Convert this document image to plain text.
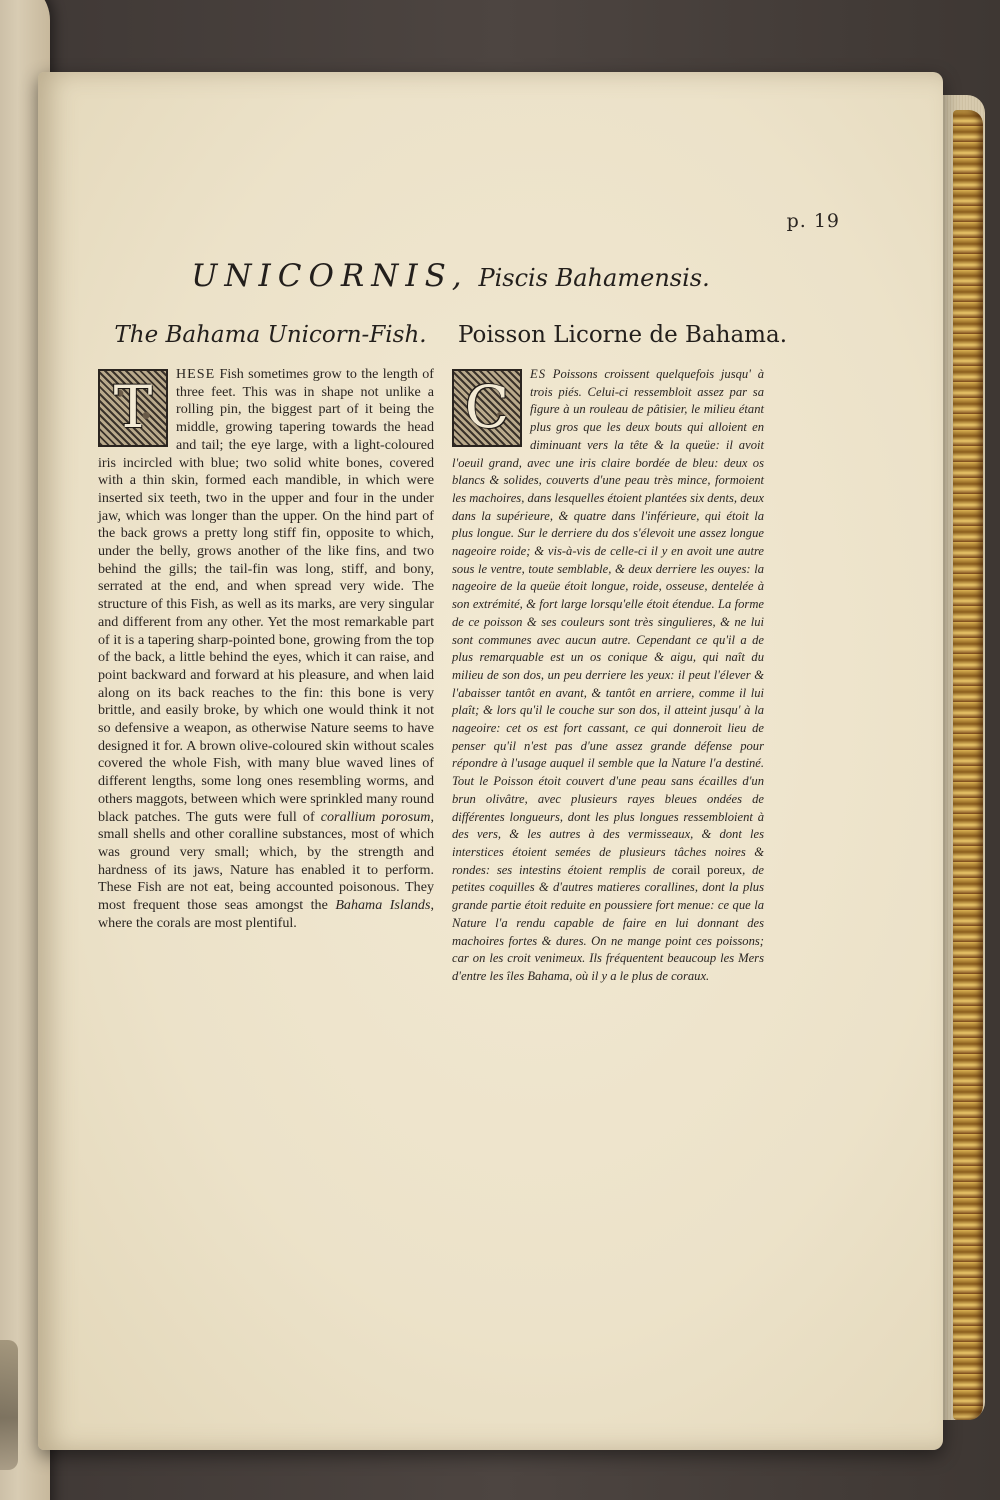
p. 19
UNICORNIS, Piscis Bahamensis.
The Bahama Unicorn-Fish.	Poisson Licorne de Bahama.
T	HESE Fish sometimes grow to the length of three feet. This was in shape not unlike a rolling pin, the biggest part of it being the middle, growing tapering towards the head and tail; the eye large, with a light-coloured iris incircled with blue; two solid white bones, covered with a thin skin, formed each mandible, in which were inserted six teeth, two in the upper and four in the under jaw, which was longer than the upper. On the hind part of the back grows a pretty long stiff fin, opposite to which, under the belly, grows another of the like fins, and two behind the gills; the tail-fin was long, stiff, and bony, serrated at the end, and when spread very wide. The structure of this Fish, as well as its marks, are very singular and different from any other. Yet the most remarkable part of it is a tapering sharp-pointed bone, growing from the top of the back, a little behind the eyes, which it can raise, and point backward and forward at his pleasure, and when laid along on its back reaches to the fin: this bone is very brittle, and easily broke, by which one would think it not so defensive a weapon, as otherwise Nature seems to have designed it for. A brown olive-coloured skin without scales covered the whole Fish, with many blue waved lines of different lengths, some long ones resembling worms, and others maggots, between which were sprinkled many round black patches. The guts were full of corallium porosum, small shells and other coralline substances, most of which was ground very small; which, by the strength and hardness of its jaws, Nature has enabled it to perform. These Fish are not eat, being accounted poisonous. They most frequent those seas amongst the Bahama Islands, where the corals are most plentiful.
C	ES Poissons croissent quelquefois jusqu' à trois piés. Celui-ci ressembloit assez par sa figure à un rouleau de pâtisier, le milieu étant plus gros que les deux bouts qui alloient en diminuant vers la tête & la queüe: il avoit l'oeuil grand, avec une iris claire bordée de bleu: deux os blancs & solides, couverts d'une peau très mince, formoient les machoires, dans lesquelles étoient plantées six dents, deux dans la supérieure, & quatre dans l'inférieure, qui étoit la plus longue. Sur le derriere du dos s'élevoit une assez longue nageoire roide; & vis-à-vis de celle-ci il y en avoit une autre sous le ventre, toute semblable, & deux derriere les ouyes: la nageoire de la queüe étoit longue, roide, osseuse, dentelée à son extrémité, & fort large lorsqu'elle étoit étendue. La forme de ce poisson & ses couleurs sont très singulieres, & ne lui sont communes avec aucun autre. Cependant ce qu'il a de plus remarquable est un os conique & aigu, qui naît du milieu de son dos, un peu derriere les yeux: il peut l'élever & l'abaisser tantôt en avant, & tantôt en arriere, comme il lui plaît; & lors qu'il le couche sur son dos, il atteint jusqu' à la nageoire: cet os est fort cassant, ce qui donneroit lieu de penser qu'il n'est pas d'une assez grande défense pour répondre à l'usage auquel il semble que la Nature l'a destiné. Tout le Poisson étoit couvert d'une peau sans écailles d'un brun olivâtre, avec plusieurs rayes bleues ondées de différentes longueurs, dont les plus longues ressembloient à des vers, & les autres à des vermisseaux, & dont les interstices étoient semées de plusieurs tâches noires & rondes: ses intestins étoient remplis de corail poreux, de petites coquilles & d'autres matieres corallines, dont la plus grande partie étoit reduite en poussiere fort menue: ce que la Nature l'a rendu capable de faire en lui donnant des machoires fortes & dures. On ne mange point ces poissons; car on les croit venimeux. Ils fréquentent beaucoup les Mers d'entre les îles Bahama, où il y a le plus de coraux.
